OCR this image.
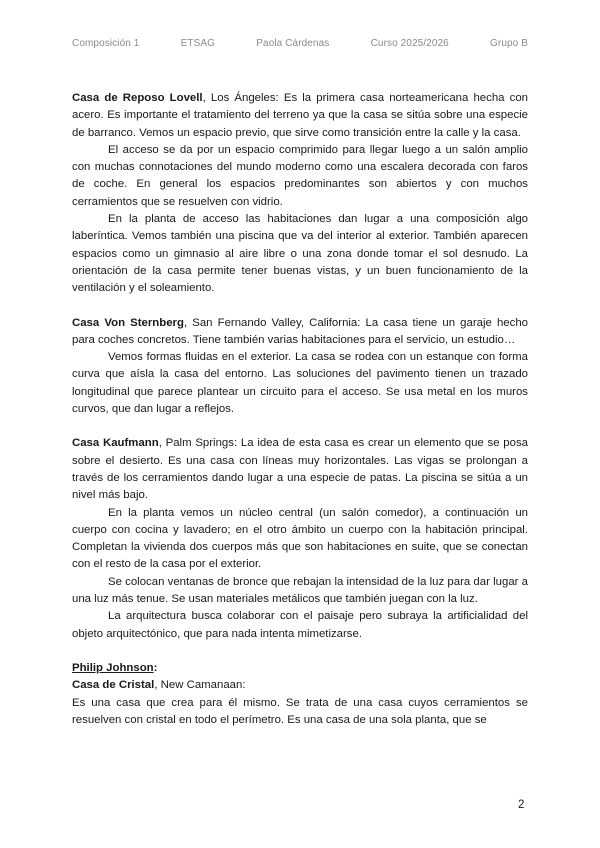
Composición 1	ETSAG	Paola Cárdenas	Curso 2025/2026	Grupo B

Casa de Reposo Lovell, Los Ángeles: Es la primera casa norteamericana hecha con acero. Es importante el tratamiento del terreno ya que la casa se sitúa sobre una especie de barranco. Vemos un espacio previo, que sirve como transición entre la calle y la casa.

El acceso se da por un espacio comprimido para llegar luego a un salón amplio con muchas connotaciones del mundo moderno como una escalera decorada con faros de coche. En general los espacios predominantes son abiertos y con muchos cerramientos que se resuelven con vidrio.

En la planta de acceso las habitaciones dan lugar a una composición algo laberíntica. Vemos también una piscina que va del interior al exterior. También aparecen espacios como un gimnasio al aire libre o una zona donde tomar el sol desnudo. La orientación de la casa permite tener buenas vistas, y un buen funcionamiento de la ventilación y el soleamiento.

Casa Von Sternberg, San Fernando Valley, California: La casa tiene un garaje hecho para coches concretos. Tiene también varias habitaciones para el servicio, un estudio…

Vemos formas fluidas en el exterior. La casa se rodea con un estanque con forma curva que aísla la casa del entorno. Las soluciones del pavimento tienen un trazado longitudinal que parece plantear un circuito para el acceso. Se usa metal en los muros curvos, que dan lugar a reflejos.

Casa Kaufmann, Palm Springs: La idea de esta casa es crear un elemento que se posa sobre el desierto. Es una casa con líneas muy horizontales. Las vigas se prolongan a través de los cerramientos dando lugar a una especie de patas. La piscina se sitúa a un nivel más bajo.

En la planta vemos un núcleo central (un salón comedor), a continuación un cuerpo con cocina y lavadero; en el otro ámbito un cuerpo con la habitación principal. Completan la vivienda dos cuerpos más que son habitaciones en suite, que se conectan con el resto de la casa por el exterior.

Se colocan ventanas de bronce que rebajan la intensidad de la luz para dar lugar a una luz más tenue. Se usan materiales metálicos que también juegan con la luz.

La arquitectura busca colaborar con el paisaje pero subraya la artificialidad del objeto arquitectónico, que para nada intenta mimetizarse.

Philip Johnson:

Casa de Cristal, New Camanaan:

Es una casa que crea para él mismo. Se trata de una casa cuyos cerramientos se resuelven con cristal en todo el perímetro. Es una casa de una sola planta, que se

2
